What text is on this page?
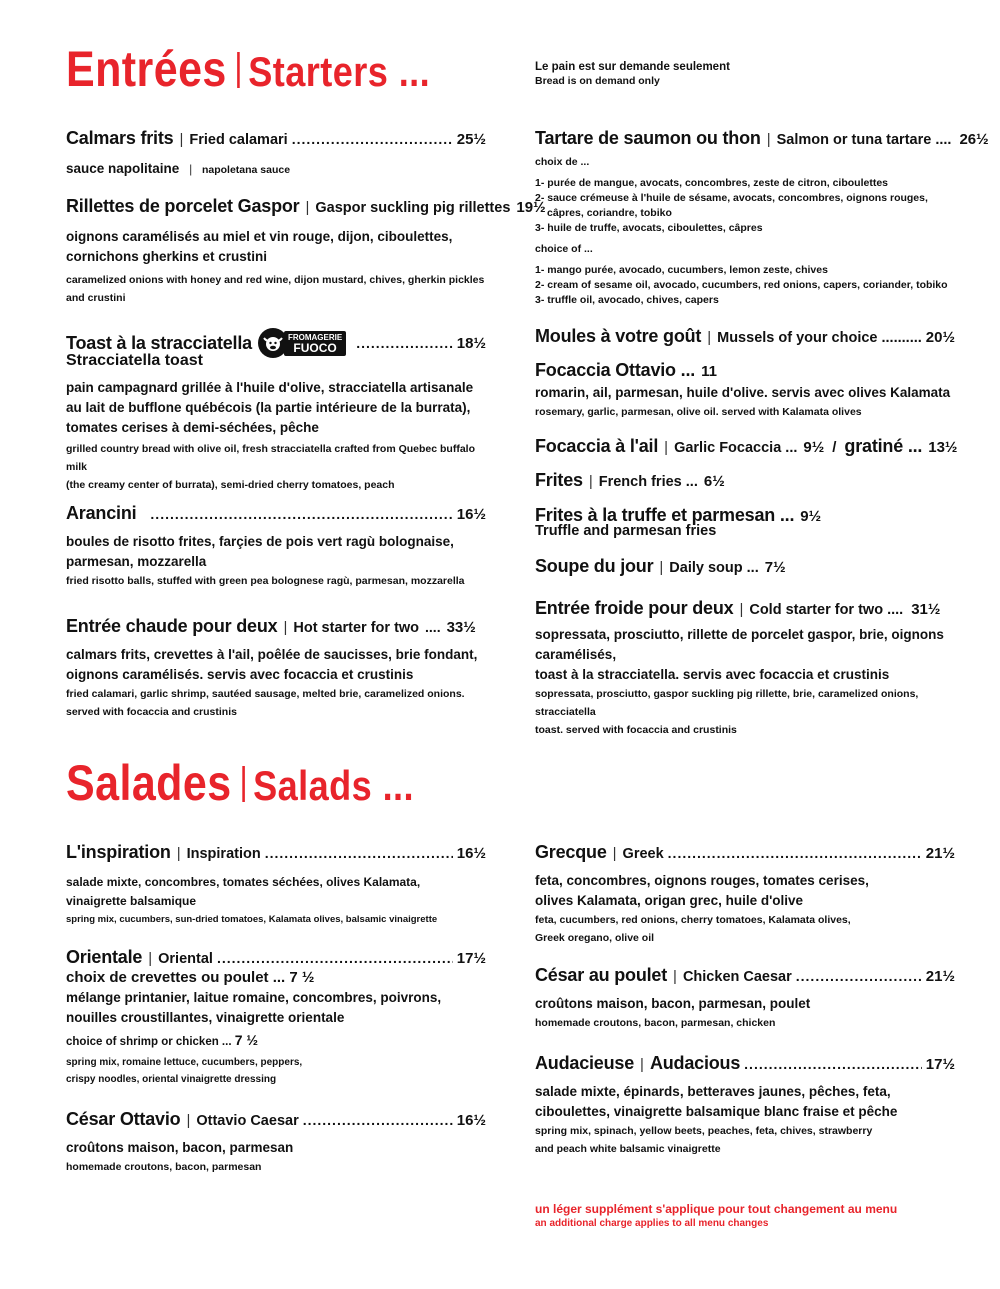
Entrées Starters ...	Le pain est sur demande seulement
Bread is on demand only
Calmars frits | Fried calamari .....	25½
sauce napolitaine | napoletana sauce
Rillettes de porcelet Gaspor | Gaspor suckling pig rillettes 19½
oignons caramélisés au miel et vin rouge, dijon, ciboulettes,
cornichons gherkins et crustini
caramelized onions with honey and red wine, dijon mustard, chives, gherkin pickles
and crustini
Toast à la stracciatella	FROMAGERIE
FUOCO .....	18½
Stracciatella toast
pain campagnard grillée à l'huile d'olive, stracciatella artisanale
au lait de bufflone québécois (la partie intérieure de la burrata),
tomates cerises à demi-séchées, pêche
grilled country bread with olive oil, fresh stracciatella crafted from Quebec buffalo milk
(the creamy center of burrata), semi-dried cherry tomatoes, peach
Arancini .....	16½
boules de risotto frites, farçies de pois vert ragù bolognaise,
parmesan, mozzarella
fried risotto balls, stuffed with green pea bolognese ragù, parmesan, mozzarella
Entrée chaude pour deux | Hot starter for two .... 33½
calmars frits, crevettes à l'ail, poêlée de saucisses, brie fondant,
oignons caramélisés. servis avec focaccia et crustinis
fried calamari, garlic shrimp, sautéed sausage, melted brie, caramelized onions.
served with focaccia and crustinis
Tartare de saumon ou thon | Salmon or tuna tartare .... 26½
choix de ...
1- purée de mangue, avocats, concombres, zeste de citron, ciboulettes
2- sauce crémeuse à l'huile de sésame, avocats, concombres, oignons rouges,
câpres, coriandre, tobiko
3- huile de truffe, avocats, ciboulettes, câpres
choice of ...
1- mango purée, avocado, cucumbers, lemon zeste, chives
2- cream of sesame oil, avocado, cucumbers, red onions, capers, coriander, tobiko
3- truffle oil, avocado, chives, capers
Moules à votre goût | Mussels of your choice .......... 20½
Focaccia Ottavio ... 11
romarin, ail, parmesan, huile d'olive. servis avec olives Kalamata
rosemary, garlic, parmesan, olive oil. served with Kalamata olives
Focaccia à l'ail | Garlic Focaccia ... 9½ / gratiné ... 13½
Frites | French fries ... 6½
Frites à la truffe et parmesan ... 9½
Truffle and parmesan fries
Soupe du jour | Daily soup ... 7½
Entrée froide pour deux | Cold starter for two .... 31½
sopressata, prosciutto, rillette de porcelet gaspor, brie, oignons caramélisés,
toast à la stracciatella. servis avec focaccia et crustinis
sopressata, prosciutto, gaspor suckling pig rillette, brie, caramelized onions, stracciatella
toast. served with focaccia and crustinis
Salades Salads ...
L'inspiration | Inspiration .....	16½
salade mixte, concombres, tomates séchées, olives Kalamata,
vinaigrette balsamique
spring mix, cucumbers, sun-dried tomatoes, Kalamata olives, balsamic vinaigrette
Orientale | Oriental .....	17½
choix de crevettes ou poulet ... 7 ½
mélange printanier, laitue romaine, concombres, poivrons,
nouilles croustillantes, vinaigrette orientale
choice of shrimp or chicken ... 7 ½
spring mix, romaine lettuce, cucumbers, peppers,
crispy noodles, oriental vinaigrette dressing
César Ottavio | Ottavio Caesar .....	16½
croûtons maison, bacon, parmesan
homemade croutons, bacon, parmesan
Grecque | Greek .....	21½
feta, concombres, oignons rouges, tomates cerises,
olives Kalamata, origan grec, huile d'olive
feta, cucumbers, red onions, cherry tomatoes, Kalamata olives,
Greek oregano, olive oil
César au poulet | Chicken Caesar .....	21½
croûtons maison, bacon, parmesan, poulet
homemade croutons, bacon, parmesan, chicken
Audacieuse | Audacious .....	17½
salade mixte, épinards, betteraves jaunes, pêches, feta,
ciboulettes, vinaigrette balsamique blanc fraise et pêche
spring mix, spinach, yellow beets, peaches, feta, chives, strawberry
and peach white balsamic vinaigrette
un léger supplément s'applique pour tout changement au menu
an additional charge applies to all menu changes
